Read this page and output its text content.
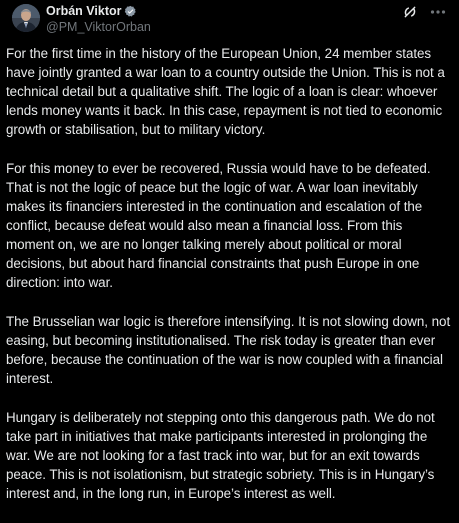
Orbán Viktor
@PM_ViktorOrban

For the first time in the history of the European Union, 24 member states have jointly granted a war loan to a country outside the Union. This is not a technical detail but a qualitative shift. The logic of a loan is clear: whoever lends money wants it back. In this case, repayment is not tied to economic growth or stabilisation, but to military victory.

For this money to ever be recovered, Russia would have to be defeated. That is not the logic of peace but the logic of war. A war loan inevitably makes its financiers interested in the continuation and escalation of the conflict, because defeat would also mean a financial loss. From this moment on, we are no longer talking merely about political or moral decisions, but about hard financial constraints that push Europe in one direction: into war.

The Brusselian war logic is therefore intensifying. It is not slowing down, not easing, but becoming institutionalised. The risk today is greater than ever before, because the continuation of the war is now coupled with a financial interest.

Hungary is deliberately not stepping onto this dangerous path. We do not take part in initiatives that make participants interested in prolonging the war. We are not looking for a fast track into war, but for an exit towards peace. This is not isolationism, but strategic sobriety. This is in Hungary’s interest and, in the long run, in Europe’s interest as well.
